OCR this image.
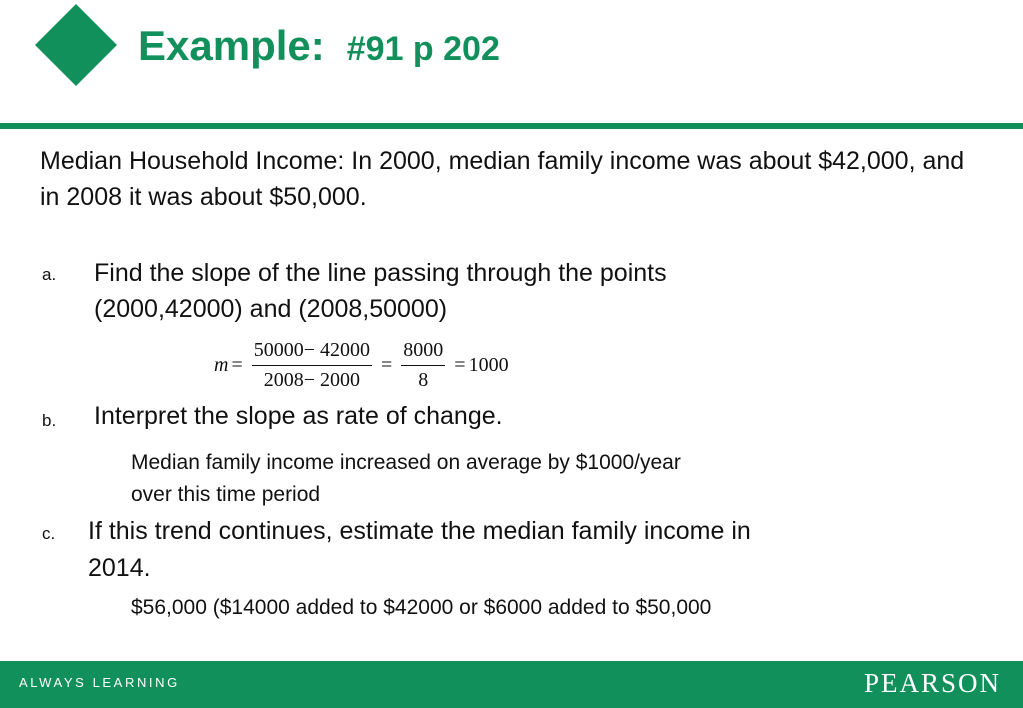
Example: #91 p 202
Median Household Income: In 2000, median family income was about $42,000, and in 2008 it was about $50,000.
a. Find the slope of the line passing through the points
(2000,42000) and (2008,50000)
$m = \frac{50000- 42000}{2008- 2000} = \frac{8000}{8} = 1000$
b. Interpret the slope as rate of change.
Median family income increased on average by $1000/year
over this time period
c. If this trend continues, estimate the median family income in
2014.
$56,000 ($14000 added to $42000 or $6000 added to $50,000
ALWAYS LEARNING	PEARSON
